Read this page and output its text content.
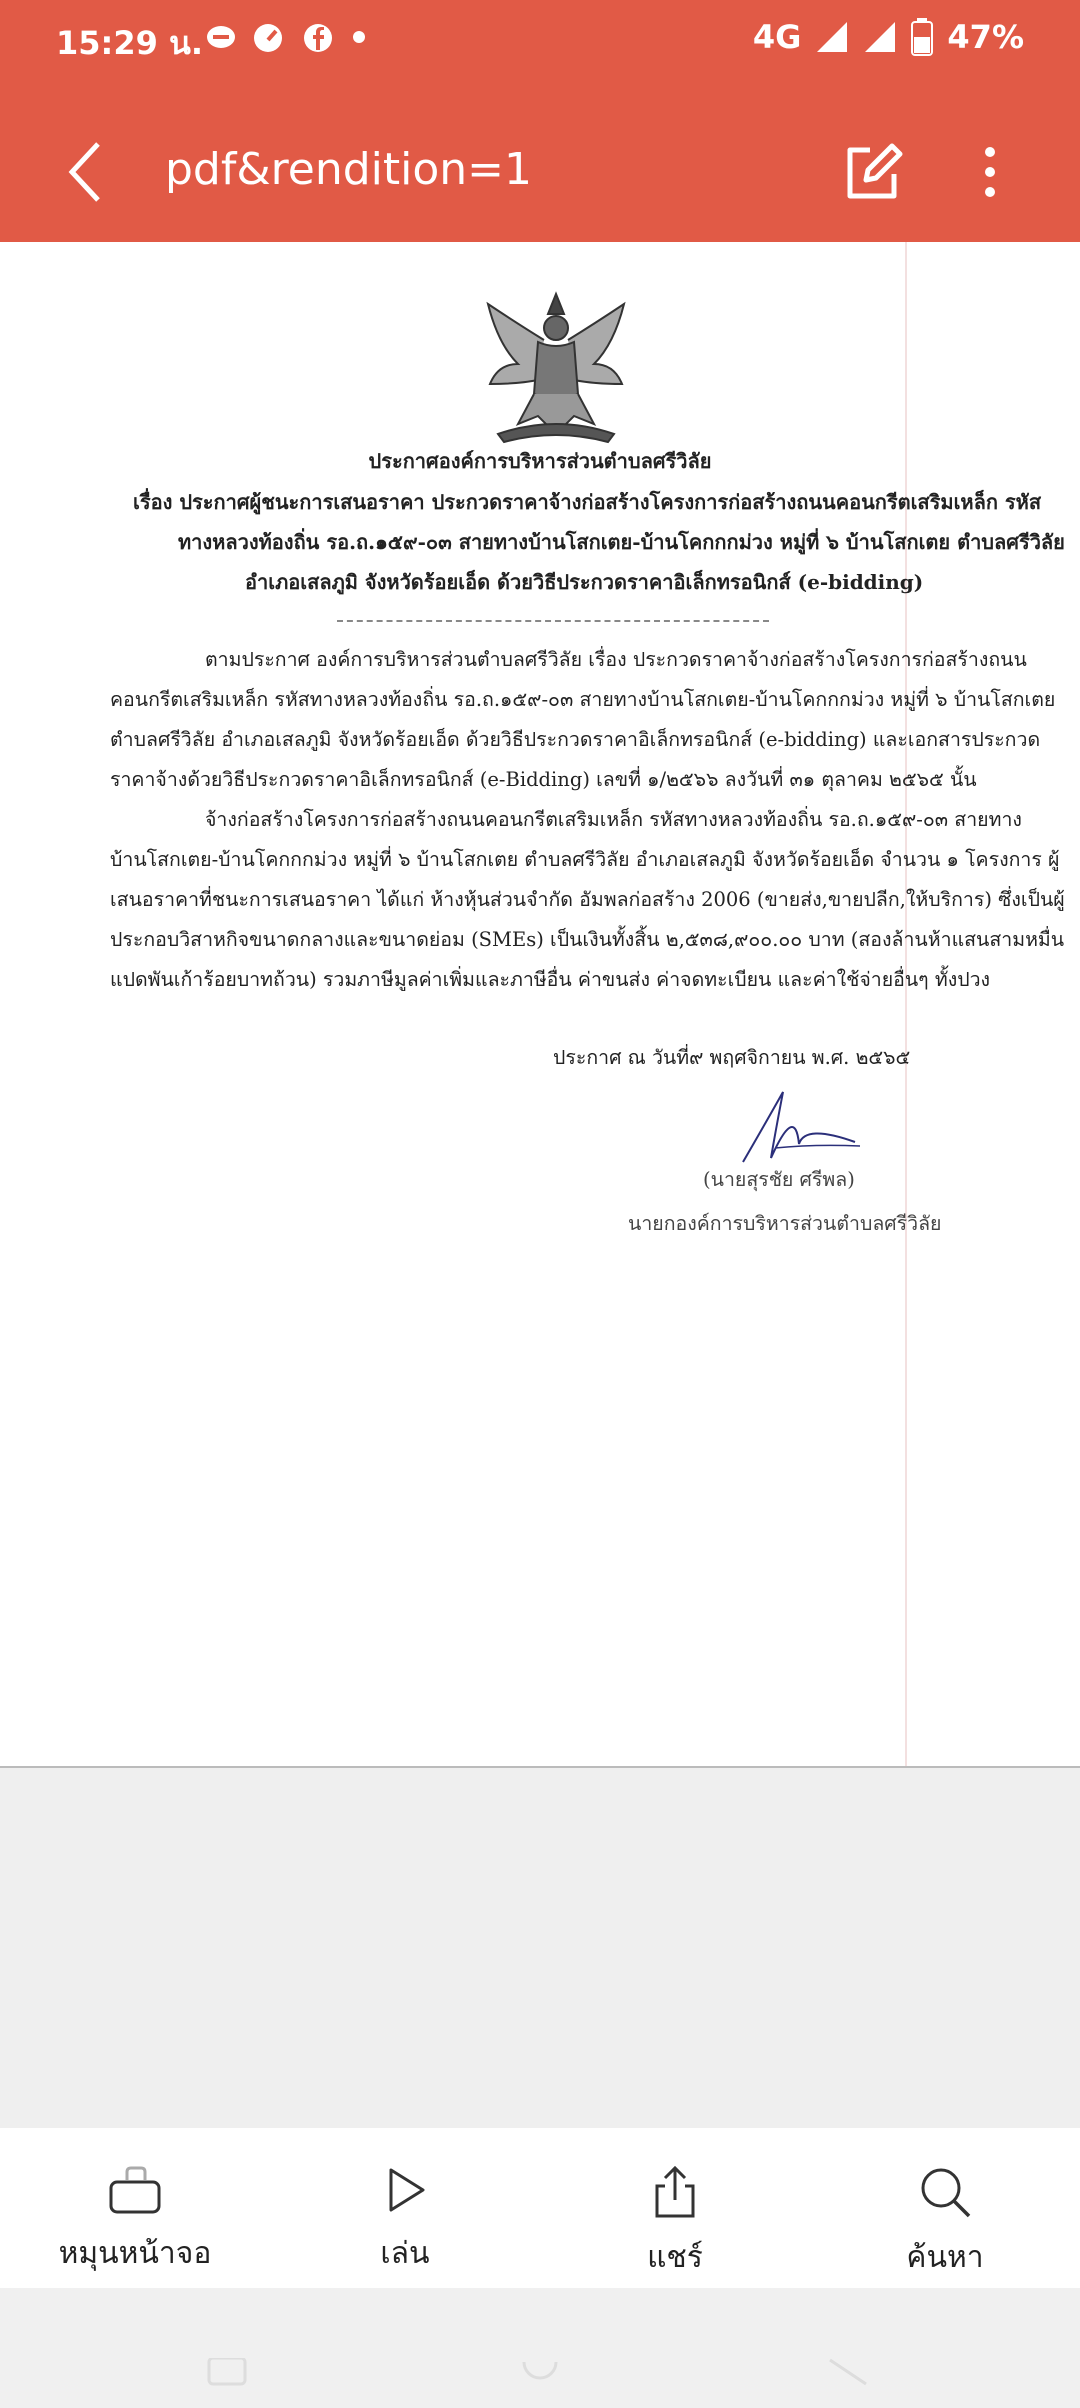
15:29 น.	4G	47%
pdf&rendition=1
ประกาศองค์การบริหารส่วนตำบลศรีวิลัย
เรื่อง ประกาศผู้ชนะการเสนอราคา ประกวดราคาจ้างก่อสร้างโครงการก่อสร้างถนนคอนกรีตเสริมเหล็ก รหัส
ทางหลวงท้องถิ่น รอ.ถ.๑๕๙-๐๓ สายทางบ้านโสกเตย-บ้านโคกกกม่วง หมู่ที่ ๖ บ้านโสกเตย ตำบลศรีวิลัย
อำเภอเสลภูมิ จังหวัดร้อยเอ็ด ด้วยวิธีประกวดราคาอิเล็กทรอนิกส์ (e-bidding)
ตามประกาศ องค์การบริหารส่วนตำบลศรีวิลัย เรื่อง ประกวดราคาจ้างก่อสร้างโครงการก่อสร้างถนน
คอนกรีตเสริมเหล็ก รหัสทางหลวงท้องถิ่น รอ.ถ.๑๕๙-๐๓ สายทางบ้านโสกเตย-บ้านโคกกกม่วง หมู่ที่ ๖ บ้านโสกเตย
ตำบลศรีวิลัย อำเภอเสลภูมิ จังหวัดร้อยเอ็ด ด้วยวิธีประกวดราคาอิเล็กทรอนิกส์ (e-bidding) และเอกสารประกวด
ราคาจ้างด้วยวิธีประกวดราคาอิเล็กทรอนิกส์ (e-Bidding) เลขที่ ๑/๒๕๖๖ ลงวันที่ ๓๑ ตุลาคม ๒๕๖๕ นั้น
จ้างก่อสร้างโครงการก่อสร้างถนนคอนกรีตเสริมเหล็ก รหัสทางหลวงท้องถิ่น รอ.ถ.๑๕๙-๐๓ สายทาง
บ้านโสกเตย-บ้านโคกกกม่วง หมู่ที่ ๖ บ้านโสกเตย ตำบลศรีวิลัย อำเภอเสลภูมิ จังหวัดร้อยเอ็ด จำนวน ๑ โครงการ ผู้
เสนอราคาที่ชนะการเสนอราคา ได้แก่ ห้างหุ้นส่วนจำกัด อัมพลก่อสร้าง 2006 (ขายส่ง,ขายปลีก,ให้บริการ) ซึ่งเป็นผู้
ประกอบวิสาหกิจขนาดกลางและขนาดย่อม (SMEs) เป็นเงินทั้งสิ้น ๒,๕๓๘,๙๐๐.๐๐ บาท (สองล้านห้าแสนสามหมื่น
แปดพันเก้าร้อยบาทถ้วน) รวมภาษีมูลค่าเพิ่มและภาษีอื่น ค่าขนส่ง ค่าจดทะเบียน และค่าใช้จ่ายอื่นๆ ทั้งปวง
ประกาศ ณ วันที่๙ พฤศจิกายน พ.ศ. ๒๕๖๕
(นายสุรชัย ศรีพล)
นายกองค์การบริหารส่วนตำบลศรีวิลัย
หมุนหน้าจอ	เล่น	แชร์	ค้นหา
